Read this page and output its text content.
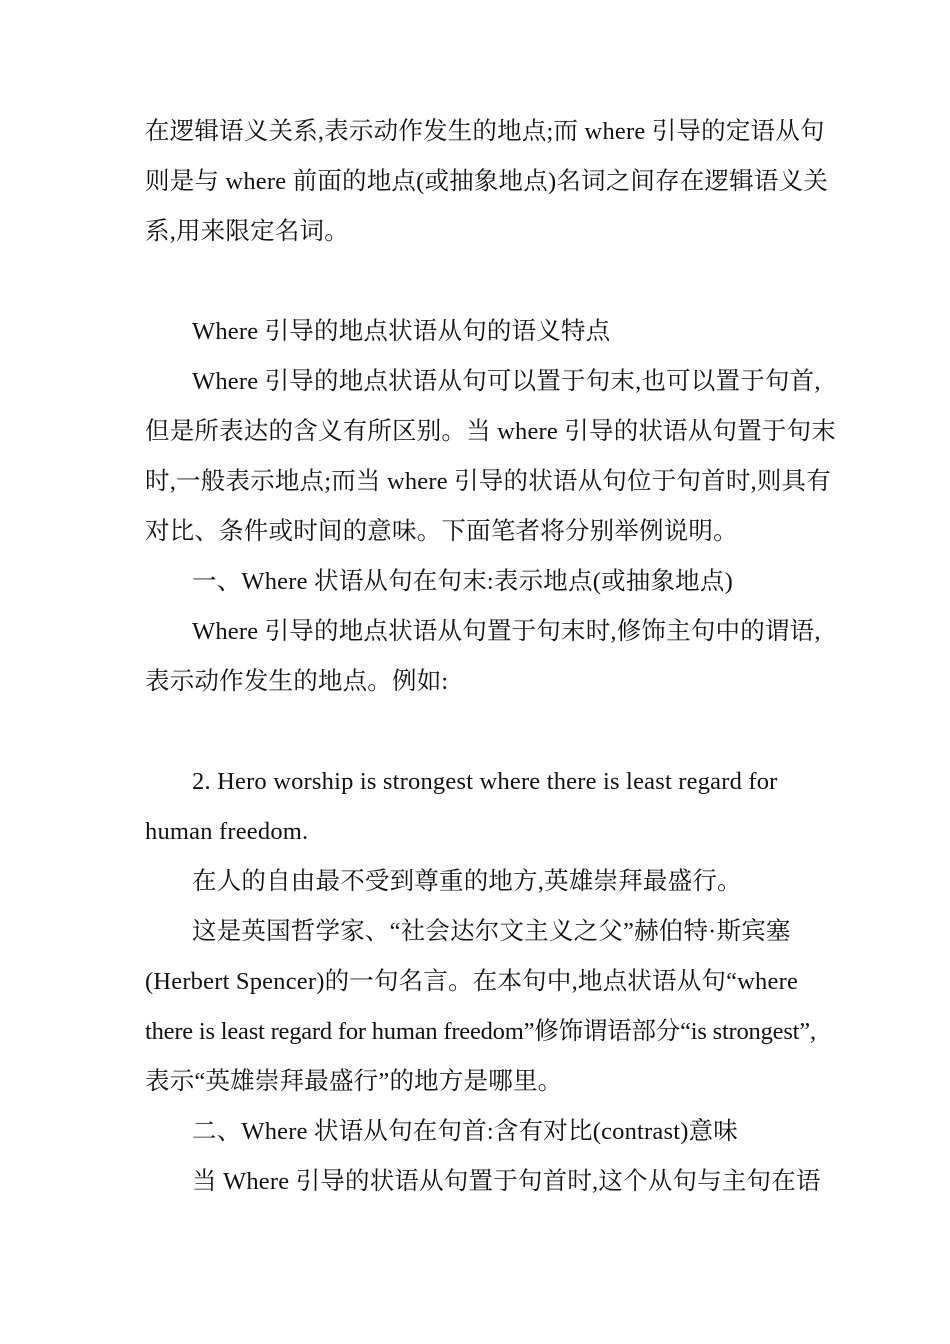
在逻辑语义关系,表示动作发生的地点;而 where 引导的定语从句
则是与 where 前面的地点(或抽象地点)名词之间存在逻辑语义关
系,用来限定名词。
Where 引导的地点状语从句的语义特点
Where 引导的地点状语从句可以置于句末,也可以置于句首,
但是所表达的含义有所区别。当 where 引导的状语从句置于句末
时,一般表示地点;而当 where 引导的状语从句位于句首时,则具有
对比、条件或时间的意味。下面笔者将分别举例说明。
一、Where 状语从句在句末:表示地点(或抽象地点)
Where 引导的地点状语从句置于句末时,修饰主句中的谓语,
表示动作发生的地点。例如:
2. Hero worship is strongest where there is least regard for
human freedom.
在人的自由最不受到尊重的地方,英雄崇拜最盛行。
这是英国哲学家、“社会达尔文主义之父”赫伯特·斯宾塞
(Herbert Spencer)的一句名言。在本句中,地点状语从句“where
there is least regard for human freedom”修饰谓语部分“is strongest”,
表示“英雄崇拜最盛行”的地方是哪里。
二、Where 状语从句在句首:含有对比(contrast)意味
当 Where 引导的状语从句置于句首时,这个从句与主句在语
